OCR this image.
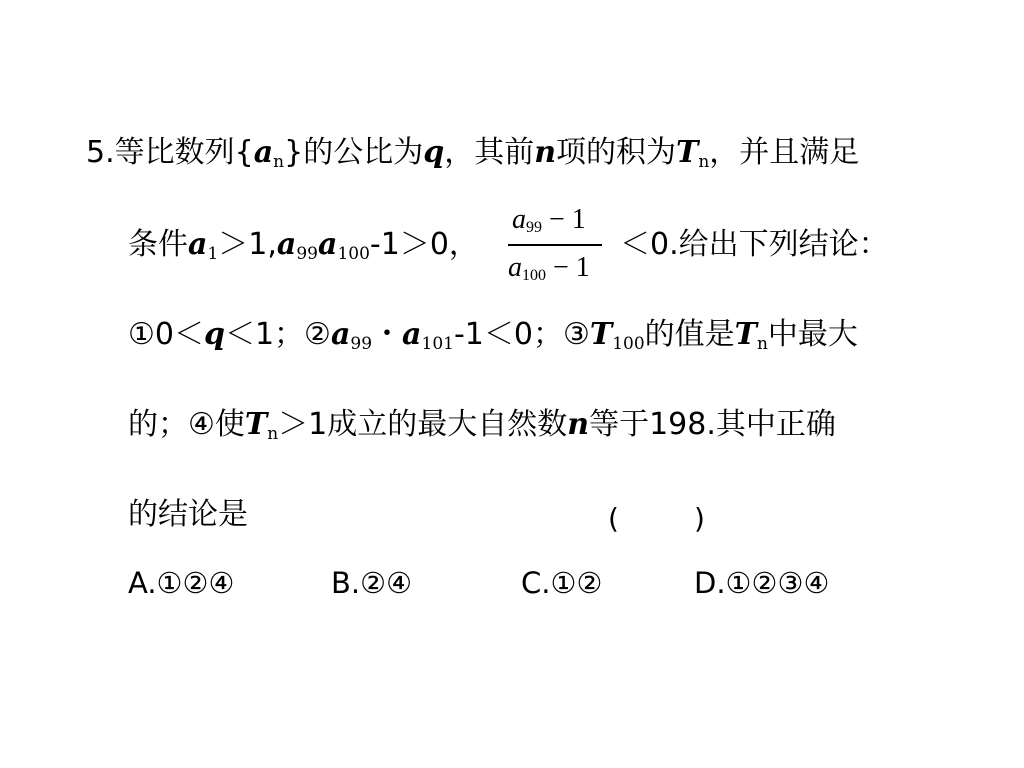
5.等比数列$\{a_n\}$的公比为q，其前n项的积为$T_n$，并且满足
条件$a_1>1,a_{99}a_{100}-1>0$，
$a_{99} - 1$
$a_{100} - 1$
＜0.给出下列结论：
①0＜q＜1；$②a_{99}$・$a_{101}-1<0$；$③T_{100}$的值是$T_n$中最大
的；④使$T_n>1$成立的最大自然数n等于198.其中正确
的结论是	(	)
A.①②④	B.②④	C.①②	D.①②③④
